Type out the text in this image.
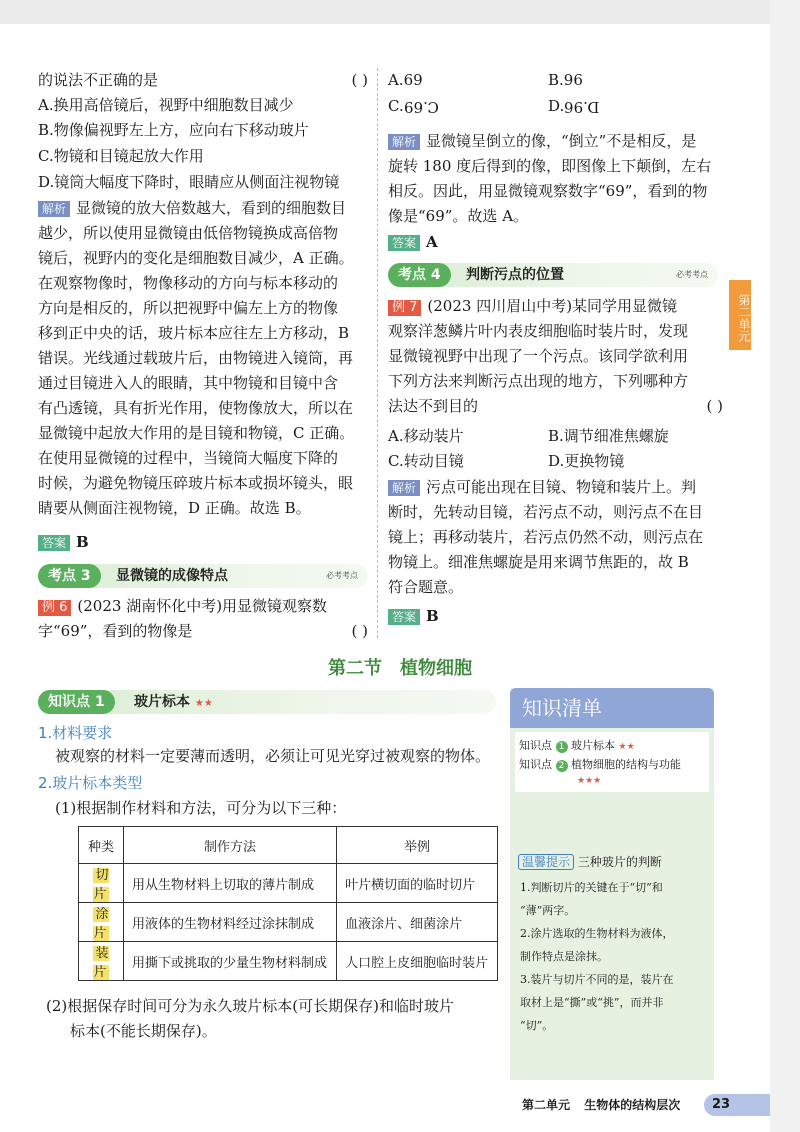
的说法不正确的是	( )
A.换用高倍镜后，视野中细胞数目减少
B.物像偏视野左上方，应向右下移动玻片
C.物镜和目镜起放大作用
D.镜筒大幅度下降时，眼睛应从侧面注视物镜
解析 显微镜的放大倍数越大，看到的细胞数目
越少，所以使用显微镜由低倍物镜换成高倍物
镜后，视野内的变化是细胞数目减少，A 正确。
在观察物像时，物像移动的方向与标本移动的
方向是相反的，所以把视野中偏左上方的物像
移到正中央的话，玻片标本应往左上方移动，B
错误。光线通过载玻片后，由物镜进入镜筒，再
通过目镜进入人的眼睛，其中物镜和目镜中含
有凸透镜，具有折光作用，使物像放大，所以在
显微镜中起放大作用的是目镜和物镜，C 正确。
在使用显微镜的过程中，当镜筒大幅度下降的
时候，为避免物镜压碎玻片标本或损坏镜头，眼
睛要从侧面注视物镜，D 正确。故选 B。
答案 B
考点 3	显微镜的成像特点	必考考点
例 6 (2023 湖南怀化中考)用显微镜观察数
字“69”，看到的物像是	( )
A.69	B.96
C.C.69	D.D.96
解析 显微镜呈倒立的像，“倒立”不是相反，是
旋转 180 度后得到的像，即图像上下颠倒，左右
相反。因此，用显微镜观察数字“69”，看到的物
像是“69”。故选 A。
答案 A
考点 4	判断污点的位置	必考考点
例 7 (2023 四川眉山中考)某同学用显微镜
观察洋葱鳞片叶内表皮细胞临时装片时，发现
显微镜视野中出现了一个污点。该同学欲利用
下列方法来判断污点出现的地方，下列哪种方
法达不到目的	( )
A.移动装片	B.调节细准焦螺旋
C.转动目镜	D.更换物镜
解析 污点可能出现在目镜、物镜和装片上。判
断时，先转动目镜，若污点不动，则污点不在目
镜上；再移动装片，若污点仍然不动，则污点在
物镜上。细准焦螺旋是用来调节焦距的，故 B
符合题意。
答案 B
第二单元
第二节　植物细胞
知识点 1	玻片标本 ★★
1.材料要求
被观察的材料一定要薄而透明，必须让可见光穿过被观察的物体。
2.玻片标本类型
(1)根据制作材料和方法，可分为以下三种：
种类	制作方法	举例
切片	用从生物材料上切取的薄片制成	叶片横切面的临时切片
涂片	用液体的生物材料经过涂抹制成	血液涂片、细菌涂片
装片	用撕下或挑取的少量生物材料制成	人口腔上皮细胞临时装片
(2)根据保存时间可分为永久玻片标本(可长期保存)和临时玻片
标本(不能长期保存)。
知识清单
知识点 1 玻片标本 ★★
知识点 2 植物细胞的结构与功能
★★★
温馨提示 三种玻片的判断
1.判断切片的关键在于“切”和
“薄”两字。
2.涂片选取的生物材料为液体，
制作特点是涂抹。
3.装片与切片不同的是，装片在
取材上是“撕”或“挑”，而并非
“切”。
第二单元 生物体的结构层次	23
